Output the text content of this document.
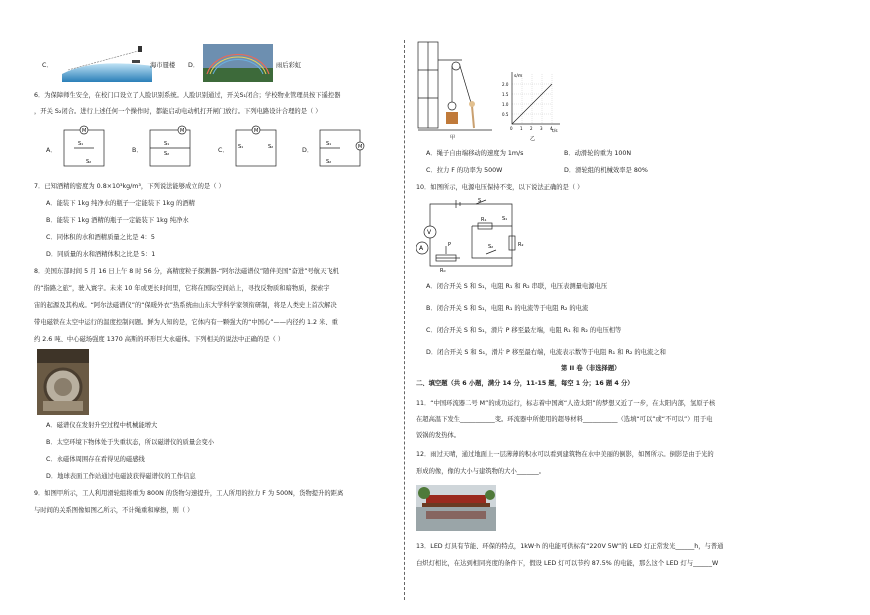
C．	海市蜃楼 D．	雨后彩虹
6．为保障师生安全，在校门口设立了人脸识别系统。人脸识别通过，开关S₁闭合；学校物业管理员按下遥控器
，开关 S₂闭合。进行上述任何一个操作时，都能启动电动机打开闸门放行。下列电路设计合理的是（ ）
A．
M
S₁
S₂
B．
M
S₁
S₂	C．
M
S₁	S₂	D．	M
S₁
S₂
7．已知酒精的密度为 0.8×10³kg/m³，下列说法能够成立的是（ ）
A．能装下 1kg 纯净水的瓶子一定能装下 1kg 的酒精
B．能装下 1kg 酒精的瓶子一定能装下 1kg 纯净水
C．同体积的水和酒精质量之比是 4：5
D．同质量的水和酒精体积之比是 5：1
8．美国东部时间 5 月 16 日上午 8 时 56 分，高精度粒子探测器-“阿尔法磁谱仪”随伴美国“奋进”号航天飞机
的“指路之旅”，驶入寰宇。未来 10 年或更长时间里，它将在国际空间站上，寻找反物质和暗物质，探索宇
宙的起源及其构成。“阿尔法磁谱仪”的“保暖外衣”热系统由山东大学科学家领衔研制，将是人类史上首次解决
带电磁铁在太空中运行的温度控制问题。鲜为人知的是，它体内有一颗强大的“中国心”——内径约 1.2 米、重
约 2.6 吨、中心磁场强度 1370 高斯的环形巨大永磁体。下列相关的说法中正确的是（ ）
A．磁谱仪在发射升空过程中机械能增大
B．太空环境下物体处于失重状态，所以磁谱仪的质量会变小
C．永磁体周围存在看得见的磁感线
D．地球表面工作站通过电磁波获得磁谱仪的工作信息
9．如图甲所示，工人利用滑轮组将重为 800N 的货物匀速提升，工人所用的拉力 F 为 500N，货物提升的距离
与时间的关系图像如图乙所示，不计绳重和摩擦，则（ ）
甲
s/m
t/s
2.0
1.5
1.0
0.5
0 1 2 3 4
乙
A．绳子自由端移动的速度为 1m/s	B．动滑轮的重为 100N
C．拉力 F 的功率为 500W	D．滑轮组的机械效率是 80%
10．如图所示，电源电压保持不变，以下说法正确的是（ ）
V
A
S
R₁	S₁
R₂
S₂
P
R₀
A．闭合开关 S 和 S₁，电阻 R₁ 和 R₂ 串联，电压表测量电源电压
B．闭合开关 S 和 S₁，电阻 R₁ 的电流等于电阻 R₂ 的电流
C．闭合开关 S 和 S₁，滑片 P 移至最左端，电阻 R₁ 和 R₂ 的电压相等
D．闭合开关 S 和 S₁，滑片 P 移至最右端，电流表示数等于电阻 R₁ 和 R₂ 的电流之和
第 II 卷（非选择题）
二、填空题（共 6 小题，满分 14 分，11-15 题，每空 1 分；16 题 4 分）
11．“中国环流器二号 M”的成功运行，标志着中国离“人造太阳”的梦想又近了一步，在太阳内部，氢原子核
在超高温下发生___________变。环流器中所使用的超导材料___________（选填“可以”或“不可以”）用于电
饭锅的发热体。
12．雨过天晴，通过地面上一层薄薄的积水可以看到建筑物在水中美丽的倒影，如图所示。倒影是由于光的
形成的像，像的大小与建筑物的大小_______。
13．LED 灯具有节能、环保的特点，1kW·h 的电能可供标有“220V 5W”的 LED 灯正常发光______h，与普通
白炽灯相比，在达到相同亮度的条件下，假设 LED 灯可以节约 87.5% 的电能，那么这个 LED 灯与______W
